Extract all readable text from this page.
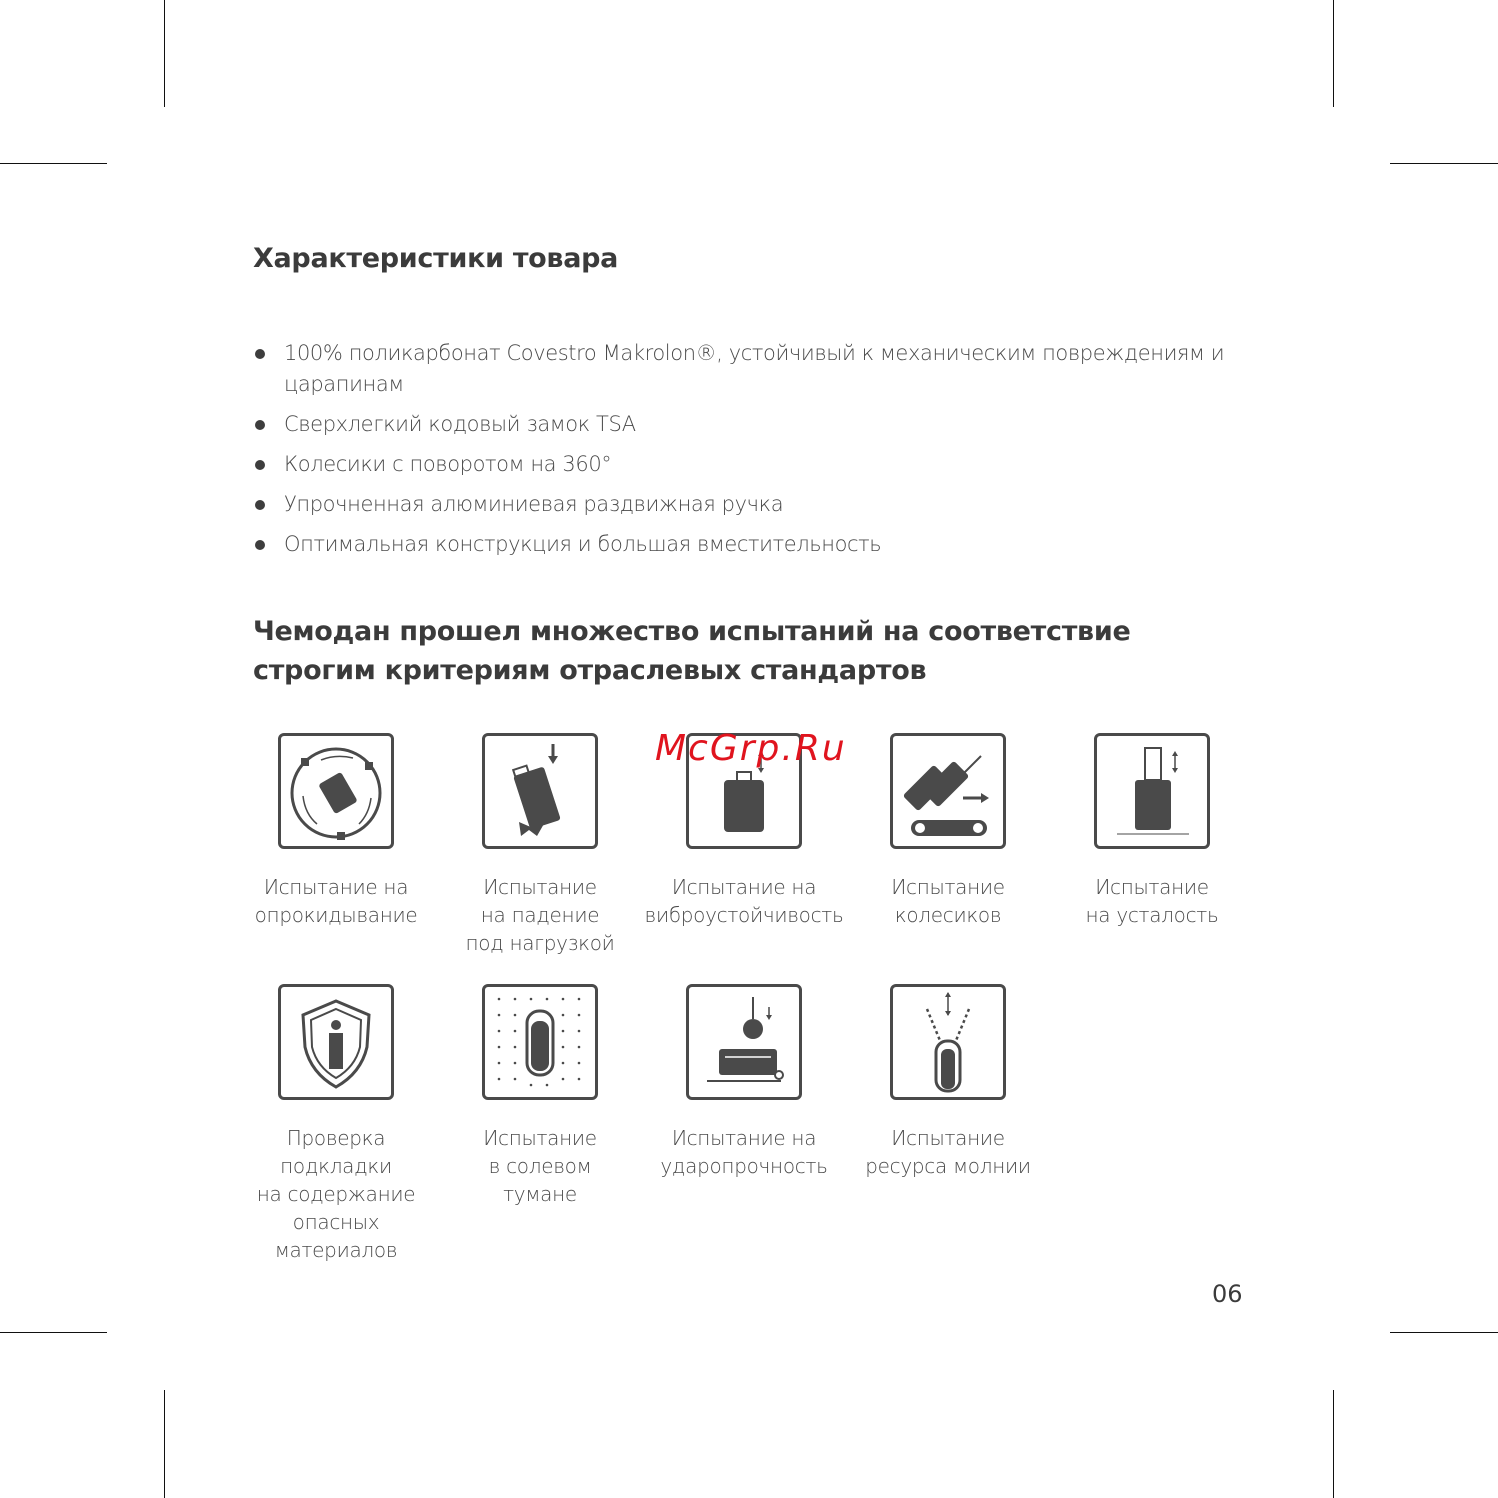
Характеристики товара
100% поликарбонат Covestro Makrolon®, устойчивый к механическим повреждениям и царапинам
Сверхлегкий кодовый замок TSA
Колесики с поворотом на 360°
Упрочненная алюминиевая раздвижная ручка
Оптимальная конструкция и большая вместительность
Чемодан прошел множество испытаний на соответствие строгим критериям отраслевых стандартов
Испытание на
опрокидывание
Испытание
на падение
под нагрузкой
Испытание на
виброустойчивость
Испытание
колесиков
Испытание
на усталость
Проверка
подкладки
на содержание
опасных
материалов
Испытание
в солевом
тумане
Испытание на
ударопрочность
Испытание
ресурса молнии
McGrp.Ru
06
